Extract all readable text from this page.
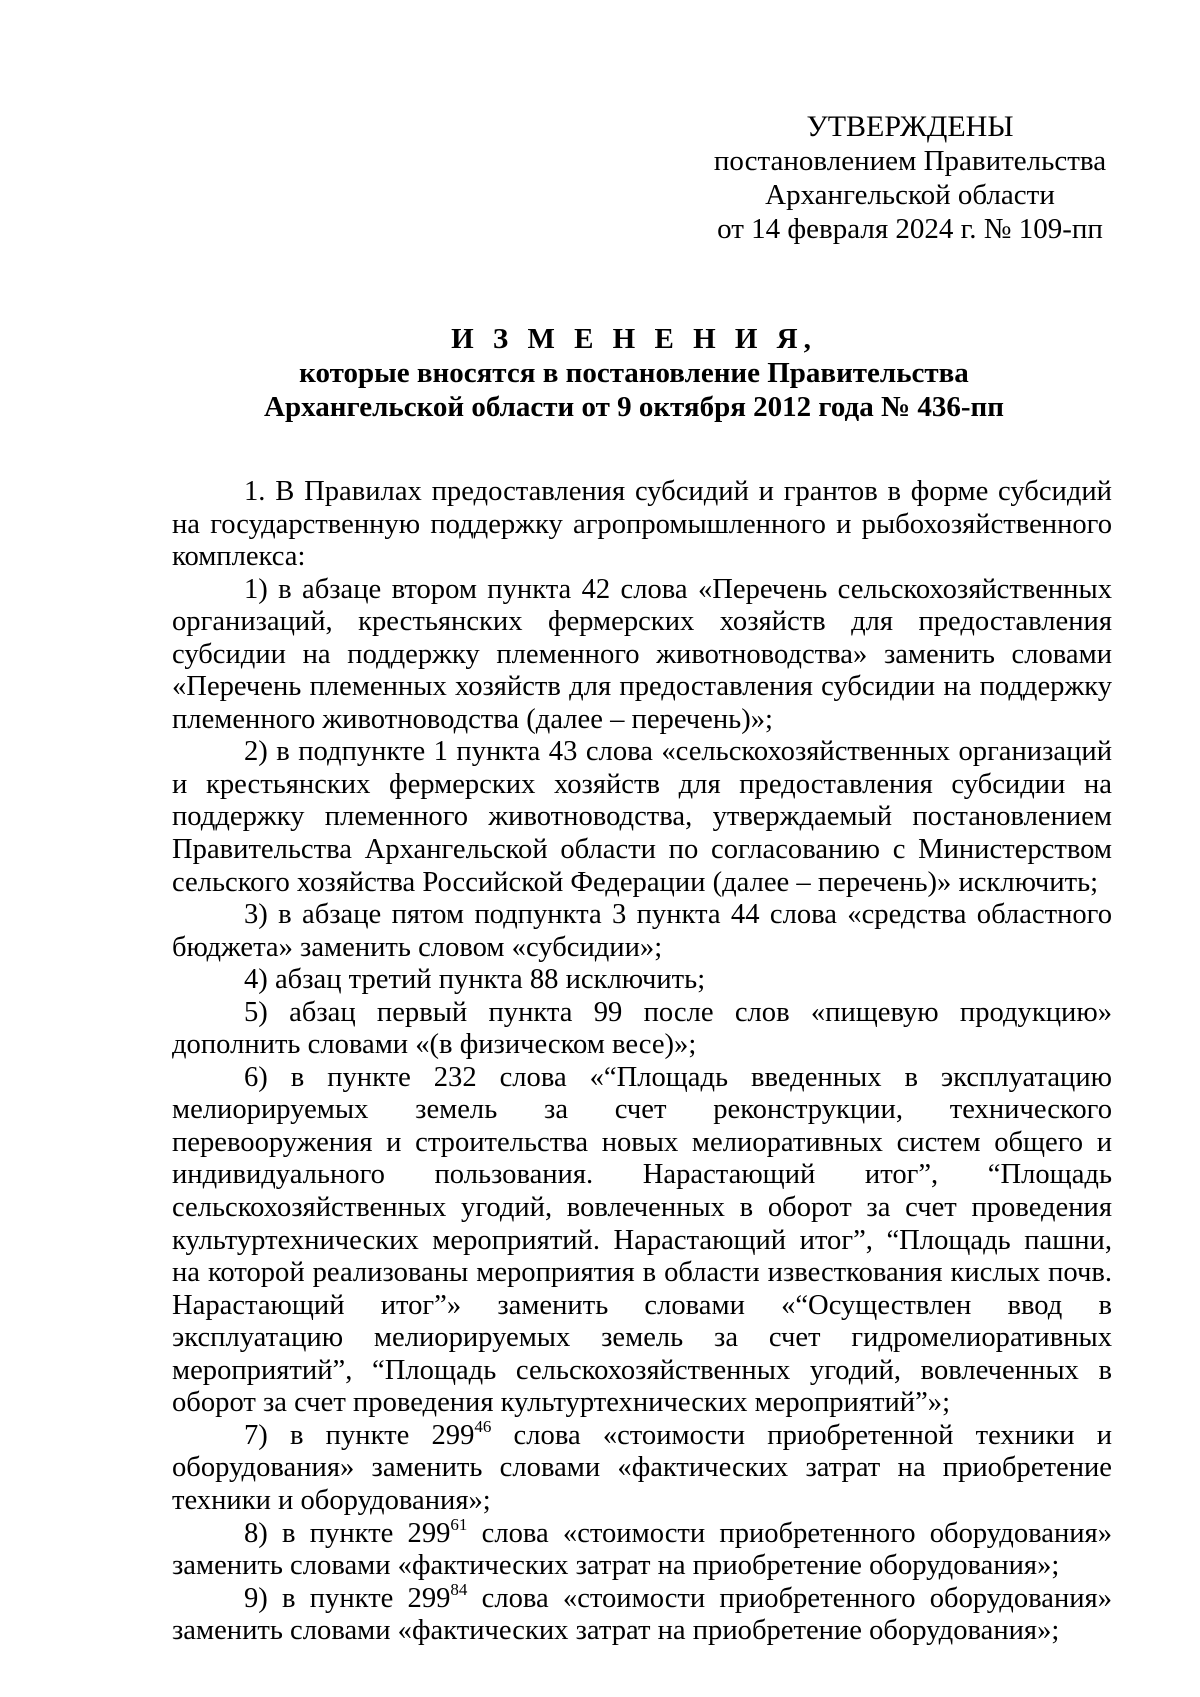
УТВЕРЖДЕНЫ
постановлением Правительства
Архангельской области
от 14 февраля 2024 г. № 109-пп
И З М Е Н Е Н И Я,
которые вносятся в постановление Правительства
Архангельской области от 9 октября 2012 года № 436-пп

1. В Правилах предоставления субсидий и грантов в форме субсидий на государственную поддержку агропромышленного и рыбохозяйственного комплекса:

1) в абзаце втором пункта 42 слова «Перечень сельскохозяйственных организаций, крестьянских фермерских хозяйств для предоставления субсидии на поддержку племенного животноводства» заменить словами «Перечень племенных хозяйств для предоставления субсидии на поддержку племенного животноводства (далее – перечень)»;

2) в подпункте 1 пункта 43 слова «сельскохозяйственных организаций и крестьянских фермерских хозяйств для предоставления субсидии на поддержку племенного животноводства, утверждаемый постановлением Правительства Архангельской области по согласованию с Министерством сельского хозяйства Российской Федерации (далее – перечень)» исключить;

3) в абзаце пятом подпункта 3 пункта 44 слова «средства областного бюджета» заменить словом «субсидии»;

4) абзац третий пункта 88 исключить;

5) абзац первый пункта 99 после слов «пищевую продукцию» дополнить словами «(в физическом весе)»;

6) в пункте 232 слова «“Площадь введенных в эксплуатацию мелиорируемых земель за счет реконструкции, технического перевооружения и строительства новых мелиоративных систем общего и индивидуального пользования. Нарастающий итог”, “Площадь сельскохозяйственных угодий, вовлеченных в оборот за счет проведения культуртехнических мероприятий. Нарастающий итог”, “Площадь пашни, на которой реализованы мероприятия в области известкования кислых почв. Нарастающий итог”» заменить словами «“Осуществлен ввод в эксплуатацию мелиорируемых земель за счет гидромелиоративных мероприятий”, “Площадь сельскохозяйственных угодий, вовлеченных в оборот за счет проведения культуртехнических мероприятий”»;

7) в пункте $299^{46}$ слова «стоимости приобретенной техники и оборудования» заменить словами «фактических затрат на приобретение техники и оборудования»;

8) в пункте $299^{61}$ слова «стоимости приобретенного оборудования» заменить словами «фактических затрат на приобретение оборудования»;

9) в пункте $299^{84}$ слова «стоимости приобретенного оборудования» заменить словами «фактических затрат на приобретение оборудования»;
